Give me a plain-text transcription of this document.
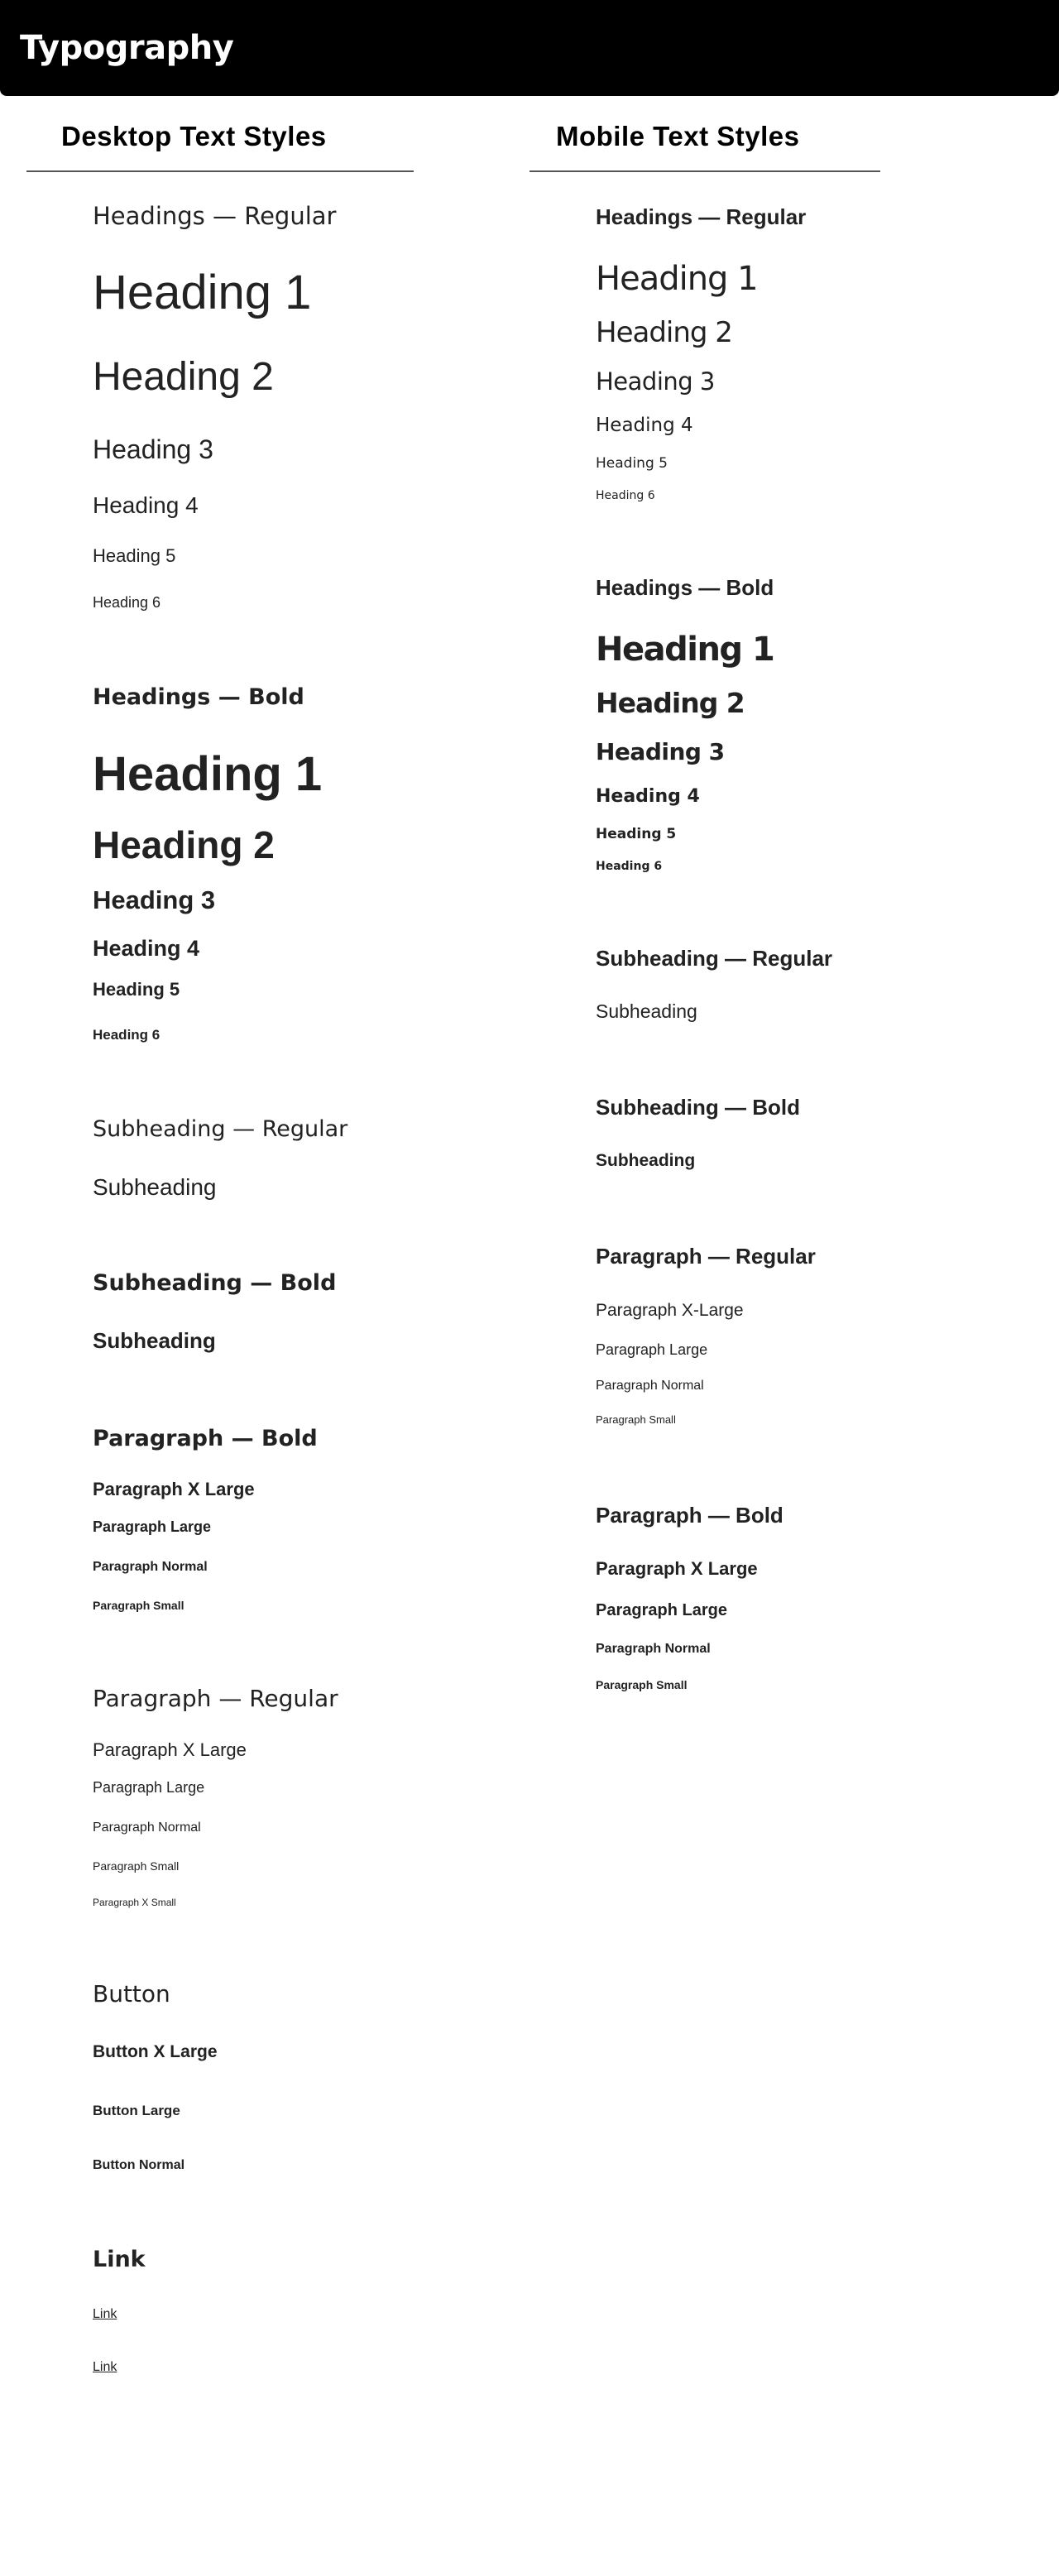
Typography
Desktop Text Styles	Mobile Text Styles

Headings — Regular

Heading 1

Heading 2

Heading 3

Heading 4

Heading 5

Heading 6

Headings — Bold

Heading 1

Heading 2

Heading 3

Heading 4

Heading 5

Heading 6

Subheading — Regular

Subheading

Subheading — Bold

Subheading

Paragraph — Bold

Paragraph X Large

Paragraph Large

Paragraph Normal

Paragraph Small

Paragraph — Regular

Paragraph X Large

Paragraph Large

Paragraph Normal

Paragraph Small

Paragraph X Small

Button

Button X Large

Button Large

Button Normal

Link

Link
Link

Headings — Regular

Heading 1

Heading 2

Heading 3

Heading 4

Heading 5

Heading 6

Headings — Bold

Heading 1

Heading 2

Heading 3

Heading 4

Heading 5

Heading 6

Subheading — Regular

Subheading

Subheading — Bold

Subheading

Paragraph — Regular

Paragraph X-Large

Paragraph Large

Paragraph Normal

Paragraph Small

Paragraph — Bold

Paragraph X Large

Paragraph Large

Paragraph Normal

Paragraph Small
